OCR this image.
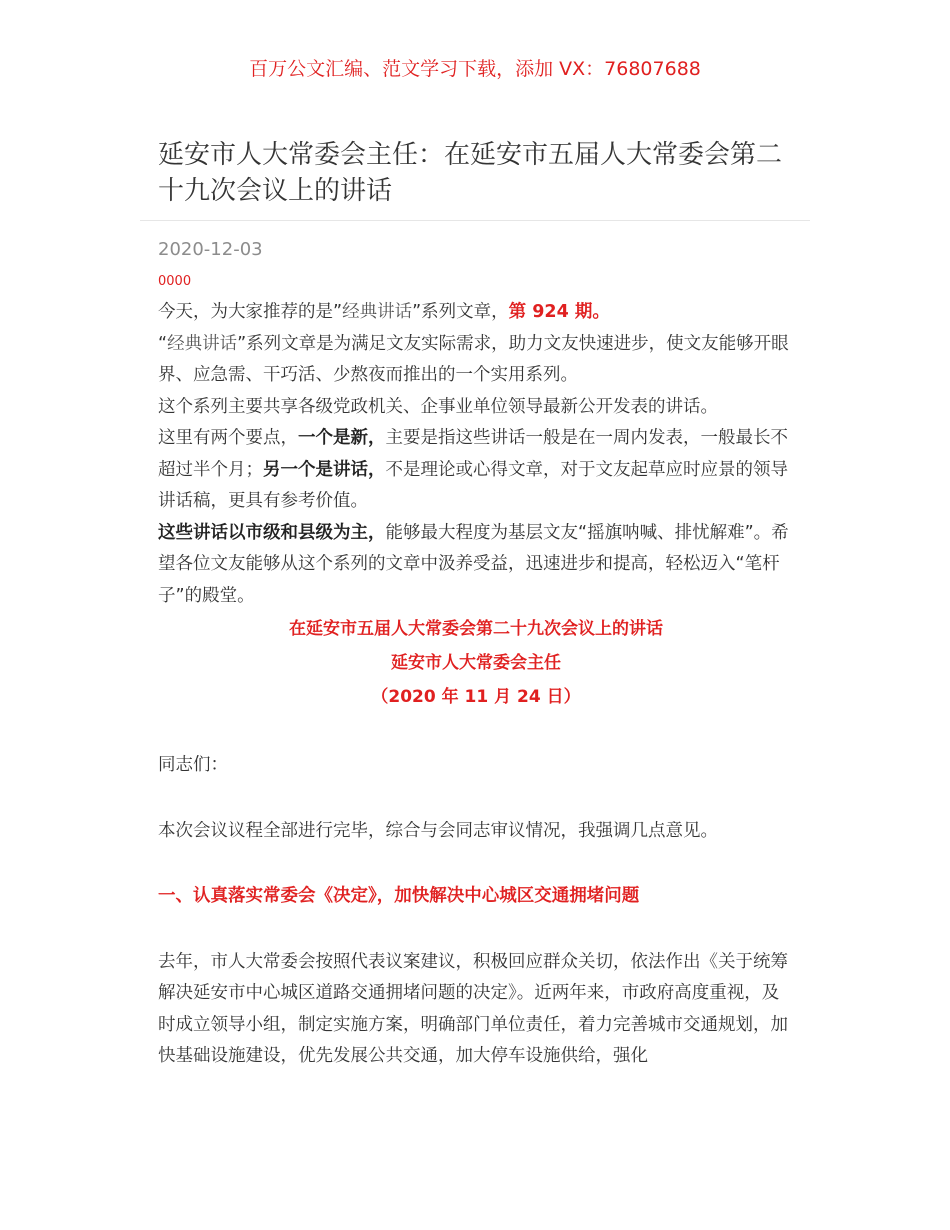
百万公文汇编、范文学习下载，添加 VX：76807688
延安市人大常委会主任：在延安市五届人大常委会第二十九次会议上的讲话
2020-12-03
0000

今天，为大家推荐的是”经典讲话”系列文章，第 924 期。

“经典讲话”系列文章是为满足文友实际需求，助力文友快速进步，使文友能够开眼界、应急需、干巧活、少熬夜而推出的一个实用系列。

这个系列主要共享各级党政机关、企事业单位领导最新公开发表的讲话。

这里有两个要点，一个是新，主要是指这些讲话一般是在一周内发表，一般最长不超过半个月；另一个是讲话，不是理论或心得文章，对于文友起草应时应景的领导讲话稿，更具有参考价值。

这些讲话以市级和县级为主，能够最大程度为基层文友“摇旗呐喊、排忧解难”。希望各位文友能够从这个系列的文章中汲养受益，迅速进步和提高，轻松迈入“笔杆子”的殿堂。

在延安市五届人大常委会第二十九次会议上的讲话
延安市人大常委会主任
（2020 年 11 月 24 日）

同志们：

本次会议议程全部进行完毕，综合与会同志审议情况，我强调几点意见。

一、认真落实常委会《决定》，加快解决中心城区交通拥堵问题

去年，市人大常委会按照代表议案建议，积极回应群众关切，依法作出《关于统筹解决延安市中心城区道路交通拥堵问题的决定》。近两年来，市政府高度重视，及时成立领导小组，制定实施方案，明确部门单位责任，着力完善城市交通规划，加快基础设施建设，优先发展公共交通，加大停车设施供给，强化
